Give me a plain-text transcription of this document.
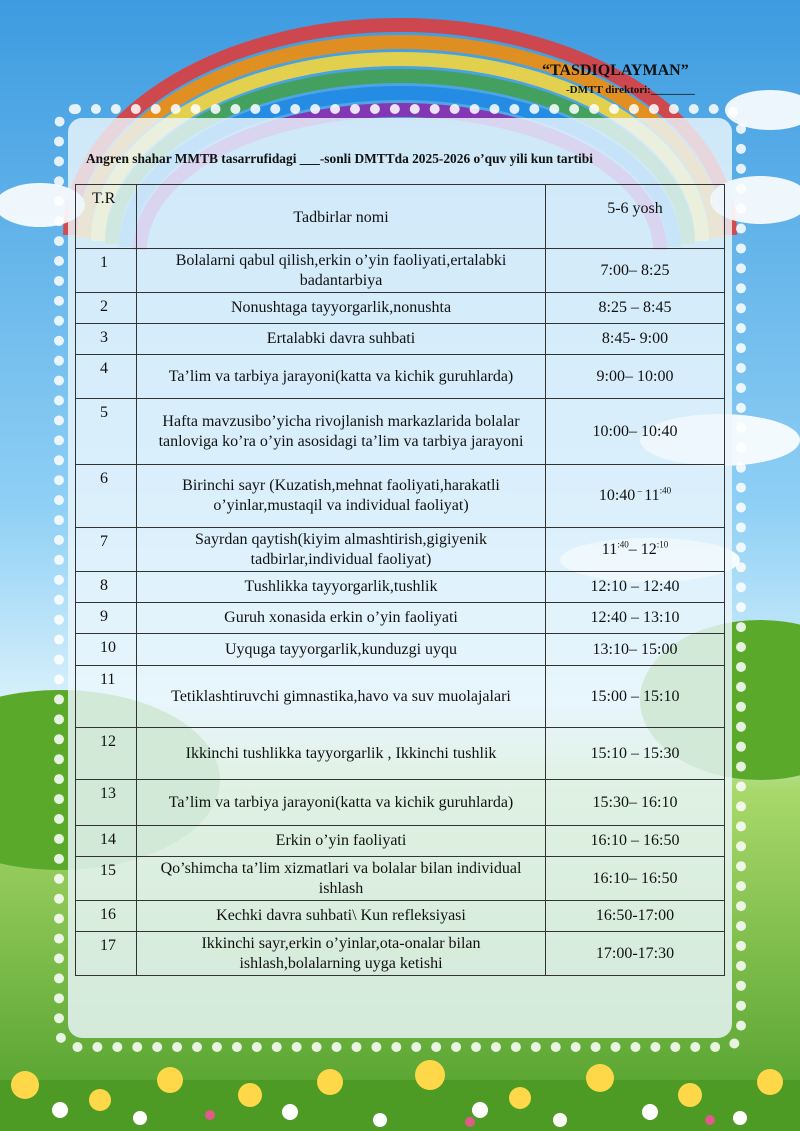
“TASDIQLAYMAN”
-DMTT direktori:________
Angren shahar MMTB tasarrufidagi ___-sonli DMTTda 2025-2026 o’quv yili kun tartibi
T.R	Tadbirlar nomi	5-6 yosh
1	Bolalarni qabul qilish,erkin o’yin faoliyati,ertalabki badantarbiya	7:00– 8:25
2	Nonushtaga tayyorgarlik,nonushta	8:25 – 8:45
3	Ertalabki davra suhbati	8:45- 9:00
4	Ta’lim va tarbiya jarayoni(katta va kichik guruhlarda)	9:00– 10:00
5	Hafta mavzusibo’yicha rivojlanish markazlarida bolalar tanloviga ko’ra o’yin asosidagi ta’lim va tarbiya jarayoni	10:00– 10:40
6	Birinchi sayr (Kuzatish,mehnat faoliyati,harakatli o’yinlar,mustaqil va individual faoliyat)	10:40 – $11^{:40}$
7	Sayrdan qaytish(kiyim almashtirish,gigiyenik tadbirlar,individual faoliyat)	$11^{:40}-$ $12^{:10}$
8	Tushlikka tayyorgarlik,tushlik	12:10 – 12:40
9	Guruh xonasida erkin o’yin faoliyati	12:40 – 13:10
10	Uyquga tayyorgarlik,kunduzgi uyqu	13:10– 15:00
11	Tetiklashtiruvchi gimnastika,havo va suv muolajalari	15:00 – 15:10
12	Ikkinchi tushlikka tayyorgarlik , Ikkinchi tushlik	15:10 – 15:30
13	Ta’lim va tarbiya jarayoni(katta va kichik guruhlarda)	15:30– 16:10
14	Erkin o’yin faoliyati	16:10 – 16:50
15	Qo’shimcha ta’lim xizmatlari va bolalar bilan individual ishlash	16:10– 16:50
16	Kechki davra suhbati\ Kun refleksiyasi	16:50-17:00
17	Ikkinchi sayr,erkin o’yinlar,ota-onalar bilan ishlash,bolalarning uyga ketishi	17:00-17:30
